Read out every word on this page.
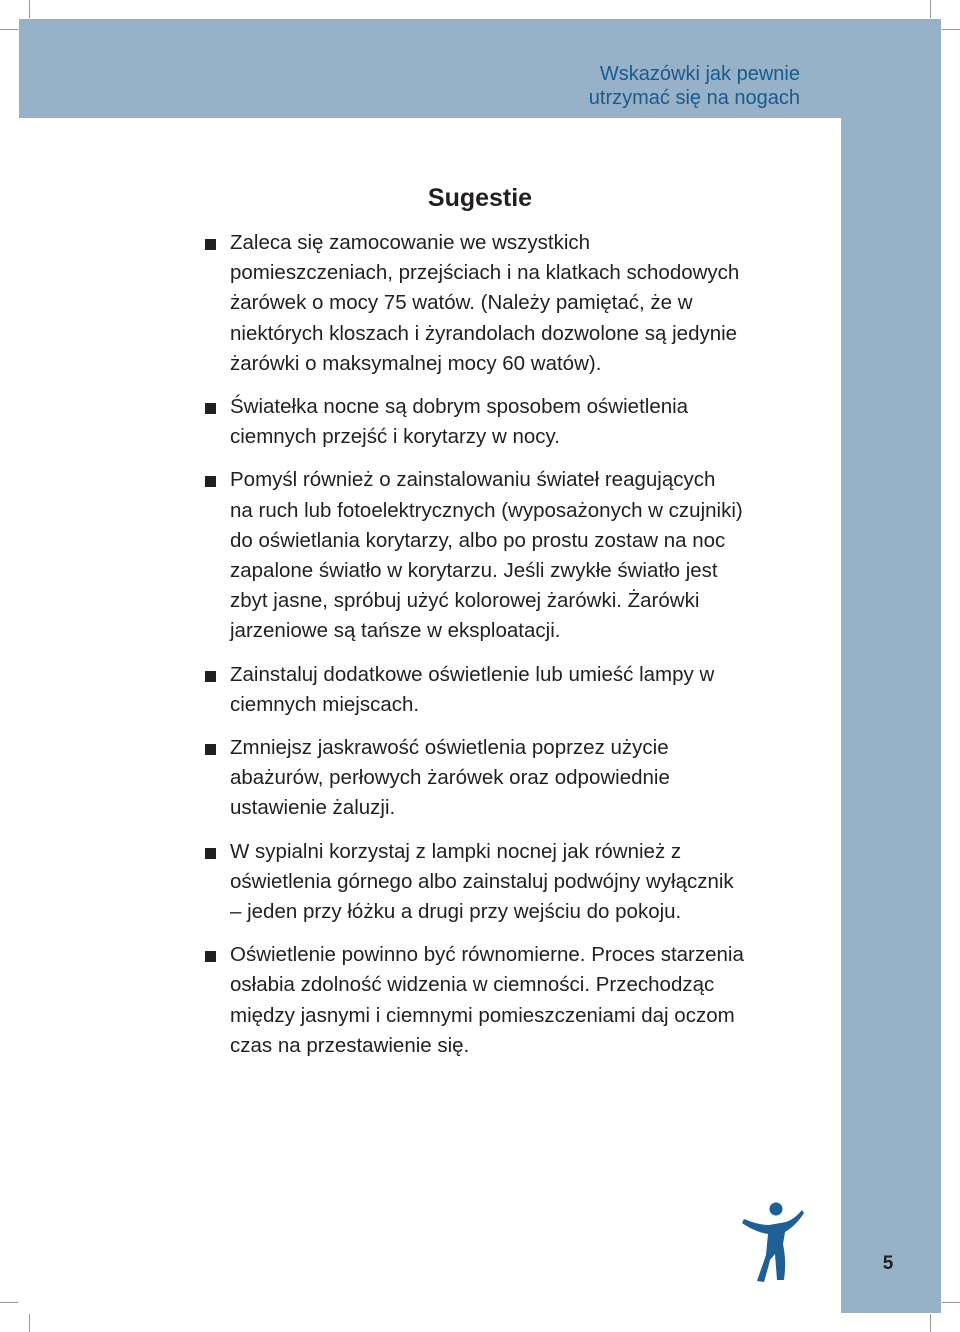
Wskazówki jak pewnie
utrzymać się na nogach
Sugestie
Zaleca się zamocowanie we wszystkich
pomieszczeniach, przejściach i na klatkach schodowych
żarówek o mocy 75 watów. (Należy pamiętać, że w
niektórych kloszach i żyrandolach dozwolone są jedynie
żarówki o maksymalnej mocy 60 watów).
Światełka nocne są dobrym sposobem oświetlenia
ciemnych przejść i korytarzy w nocy.
Pomyśl również o zainstalowaniu świateł reagujących
na ruch lub fotoelektrycznych (wyposażonych w czujniki)
do oświetlania korytarzy, albo po prostu zostaw na noc
zapalone światło w korytarzu. Jeśli zwykłe światło jest
zbyt jasne, spróbuj użyć kolorowej żarówki. Żarówki
jarzeniowe są tańsze w eksploatacji.
Zainstaluj dodatkowe oświetlenie lub umieść lampy w
ciemnych miejscach.
Zmniejsz jaskrawość oświetlenia poprzez użycie
abażurów, perłowych żarówek oraz odpowiednie
ustawienie żaluzji.
W sypialni korzystaj z lampki nocnej jak również z
oświetlenia górnego albo zainstaluj podwójny wyłącznik
– jeden przy łóżku a drugi przy wejściu do pokoju.
Oświetlenie powinno być równomierne. Proces starzenia
osłabia zdolność widzenia w ciemności. Przechodząc
między jasnymi i ciemnymi pomieszczeniami daj oczom
czas na przestawienie się.
5
